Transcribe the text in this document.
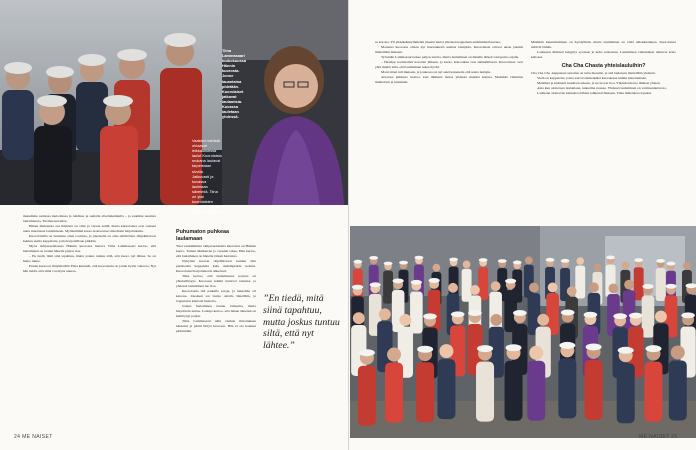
Tiina Lammasaari toukokuussa Hännin kuorosta. Jonne lauantaina pidetään. Kuorolaiset jatkavat laulamista. Kuvassa lauletaan yhdessä.
Vaakkoi mielistä ohlaavat leikkauksessa laulut Kuorolaisia mukana laulavat tarpeistaan sivulla. Jatkuvasti ja kuvassa lauletaan sävelmiä. Tiina on yksi kuorolaisten joukossa. Kuvat ovat Youtubessa.

menemme samassa melodiassa ja rahdissa ja samalla säveltekniikalla – ja saamme naurista laulamisesta, Tuomas kuvailee.

Hänen mukaansa osa ilmiöstä on ollut jo vuosia esillä, mutta kuorolaiset ovat saaneet uutta innostusta laulamiseen. Myöhemmin kuoro kokoontuu viikoittain harjoituksiin.

Kuorolaisilla on lauluissa omat roolinsa, ja jokaisella on oma tehtävänsä. Ohjelmistoon kuuluu useita kappaleita, joita harjoitellaan pitkään.

Myös tampereelaisessa Hännin kuorossa laulava Tiina Lammasaari kertoo, että laulaminen on tuonut hänelle paljon iloa.

– En tiedä, mitä sinä tapahtuu, mutta joskus tuntuu siltä, että kuoro nyt lähtee. Se on hieno tunne.

Ennen kuoroon liittymistään Tiina kuunteli, että kuorolaulu on jotain hyvin vakavaa. Nyt hän tietää, että siinä voi myös nauraa.

Puhumaton puhkeaa laulamaan

Yksi vanhimmista tampereelaisista kuoroista on Hännin kuoro. Tainan äänikerran jo vuosien takaa. Hän kertoo, että laulaminen on hänelle tärkeä harrastus.

Nykyisin kuoron ohjelmistoon kuuluu niin perinteisiä kappaleita kuin uudempiakin teoksia. Kuorolaiset harjoittelevat ahkerasti.

Tiina kertoo, että laulamisessa parasta on yhteisöllisyys. Kuorossa kaikki tuntevat toisensa, ja yhdessä laulaminen tuo iloa.

Kuorolaisia tuli paikalle satoja, ja tunnelma oli katossa. Jokainen sai laulaa omalla äänellään, ja lopputulos kuulosti hienolta.

Joskus laulaminen tuntuu vaikealta, mutta harjoittelu auttaa. Laulaja kertoo, että hänen äänensä on kehittynyt paljon.

Tiina Lammasaari näki vanhan ilmoituksen lehdessä ja päätti liittyä kuoroon. Hän ei ole katunut päätöstään.

”En tiedä, mitä siinä tapahtuu, mutta joskus tuntuu siltä, että nyt lähtee.”
24 ME NAISET

sa korona. Yli yhdeksänkymmentä jäsentä lauloi yhteisen kappaleen ensimmäistä kertaa.

Monessa kuorossa ollaan nyt innostuneita uusista laulajista. Kuorolaiset ottavat uusia jäseniä mielellään mukaan.

Työssään Lammasaari tekee paljon asioita, mutta laulaminen on hänelle tärkeä vastapaino arjelle.

– Haaskat normaalisti koronan jälkeen, ja kuoro kokoontuu taas säännöllisesti. Kuorolaiset ovat yhtä mieltä siitä, että laulaminen tekee hyvää.

Moni sitten tuli mukaan, ja joukossa on nyt sekä kokeneita että uusia laulajia.

Aivoissa puhkeaa tuottoa, kun ihminen laulaa yhdessä muiden kanssa. Musiikki vaikuttaa mielialaan ja tunteisiin.

Musiikin kuunteleminen on hyödyllistä, mutta laulaminen on vielä tehokkaampaa. Kuorolaiset tietävät tämän.

Laulaessa ihmisen hengitys syvenee ja keho rentoutuu. Laulamisen vaikutukset tuntuvat koko kehossa.

Cha Cha Chasta yhteislauluihin?

Cha Cha Cha -kappaleen sanoitus on tuttu monelle, ja sitä lauletaan mielellään yhdessä.

Vielä on kappaleita, joista saavat esimerkiksi karaokessa kaikki innostumaan.

Musiikki ja kulttuuri kuuluvat arkeen, ja ne tuovat iloa. Yhteislaulu tuo ihmiset yhteen.

Aina kun aloitetaan laulamaan, tunnelma nousee. Yhdessä laulaminen on voimaannuttavaa.

Lauluaan aloittavan kannattaa lähteä rohkeasti mukaan, Tiina muistuttaa lopuksi.

ME NAISET 25
